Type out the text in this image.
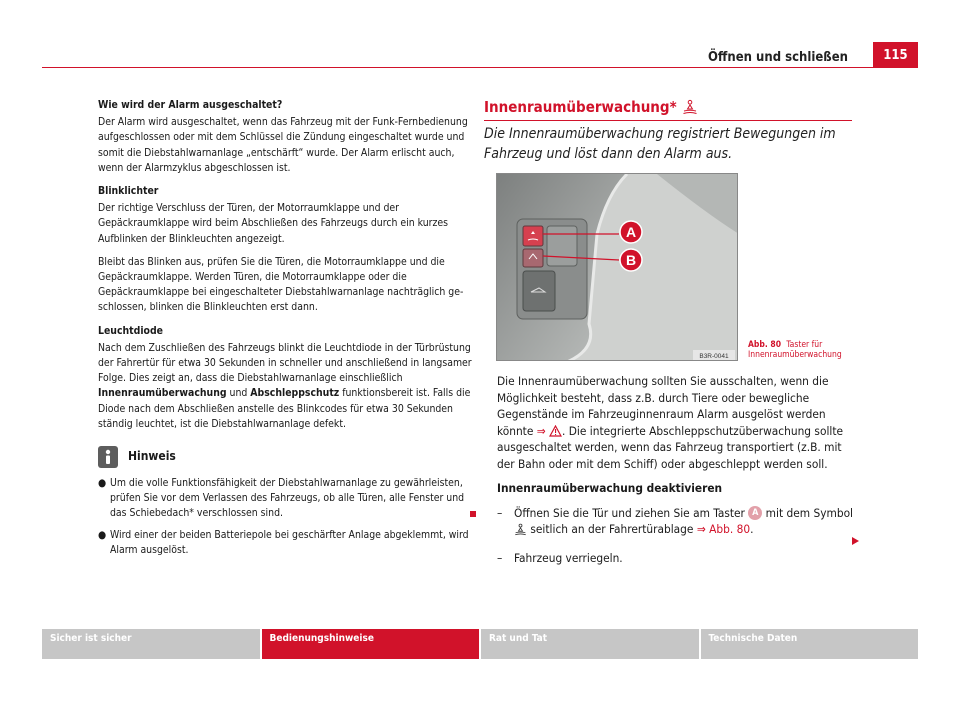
Öffnen und schließen	115

Wie wird der Alarm ausgeschaltet?

Der Alarm wird ausgeschaltet, wenn das Fahrzeug mit der Funk-Fernbedienung aufgeschlossen oder mit dem Schlüssel die Zündung eingeschaltet wurde und somit die Diebstahlwarnanlage „entschärft“ wurde. Der Alarm erlischt auch, wenn der Alarmzyklus abgeschlossen ist.

Blinklichter

Der richtige Verschluss der Türen, der Motorraumklappe und der Gepäckraumklappe wird beim Abschließen des Fahrzeugs durch ein kurzes Aufblinken der Blinkleuchten angezeigt.

Bleibt das Blinken aus, prüfen Sie die Türen, die Motorraumklappe und die Gepäckraumklappe. Werden Türen, die Motorraumklappe oder die Gepäckraumklappe bei eingeschalteter Diebstahlwarnanlage nachträglich ge-schlossen, blinken die Blinkleuchten erst dann.

Leuchtdiode

Nach dem Zuschließen des Fahrzeugs blinkt die Leuchtdiode in der Türbrüstung der Fahrertür für etwa 30 Sekunden in schneller und anschließend in langsamer Folge. Dies zeigt an, dass die Diebstahlwarnanlage einschließlich Innenraumüberwachung und Abschleppschutz funktionsbereit ist. Falls die Diode nach dem Abschließen anstelle des Blinkcodes für etwa 30 Sekunden ständig leuchtet, ist die Diebstahlwarnanlage defekt.

Hinweis
● Um die volle Funktionsfähigkeit der Diebstahlwarnanlage zu gewährleisten, prüfen Sie vor dem Verlassen des Fahrzeugs, ob alle Türen, alle Fenster und das Schiebedach* verschlossen sind.
● Wird einer der beiden Batteriepole bei geschärfter Anlage abgeklemmt, wird Alarm ausgelöst.
Innenraumüberwachung*
Die Innenraumüberwachung registriert Bewegungen im Fahrzeug und löst dann den Alarm aus.
A
B
B3R-0041
Abb. 80 Taster für Innenraumüberwachung

Die Innenraumüberwachung sollten Sie ausschalten, wenn die Möglichkeit besteht, dass z.B. durch Tiere oder bewegliche Gegenstände im Fahrzeuginnenraum Alarm ausgelöst werden könnte ⇒ . Die integrierte Abschleppschutzüberwachung sollte ausgeschaltet werden, wenn das Fahrzeug transportiert (z.B. mit der Bahn oder mit dem Schiff) oder abgeschleppt werden soll.

Innenraumüberwachung deaktivieren

– Öffnen Sie die Tür und ziehen Sie am Taster A mit dem Symbol
seitlich an der Fahrertürablage ⇒ Abb. 80.
– Fahrzeug verriegeln.
Sicher ist sicher	Bedienungshinweise	Rat und Tat	Technische Daten
